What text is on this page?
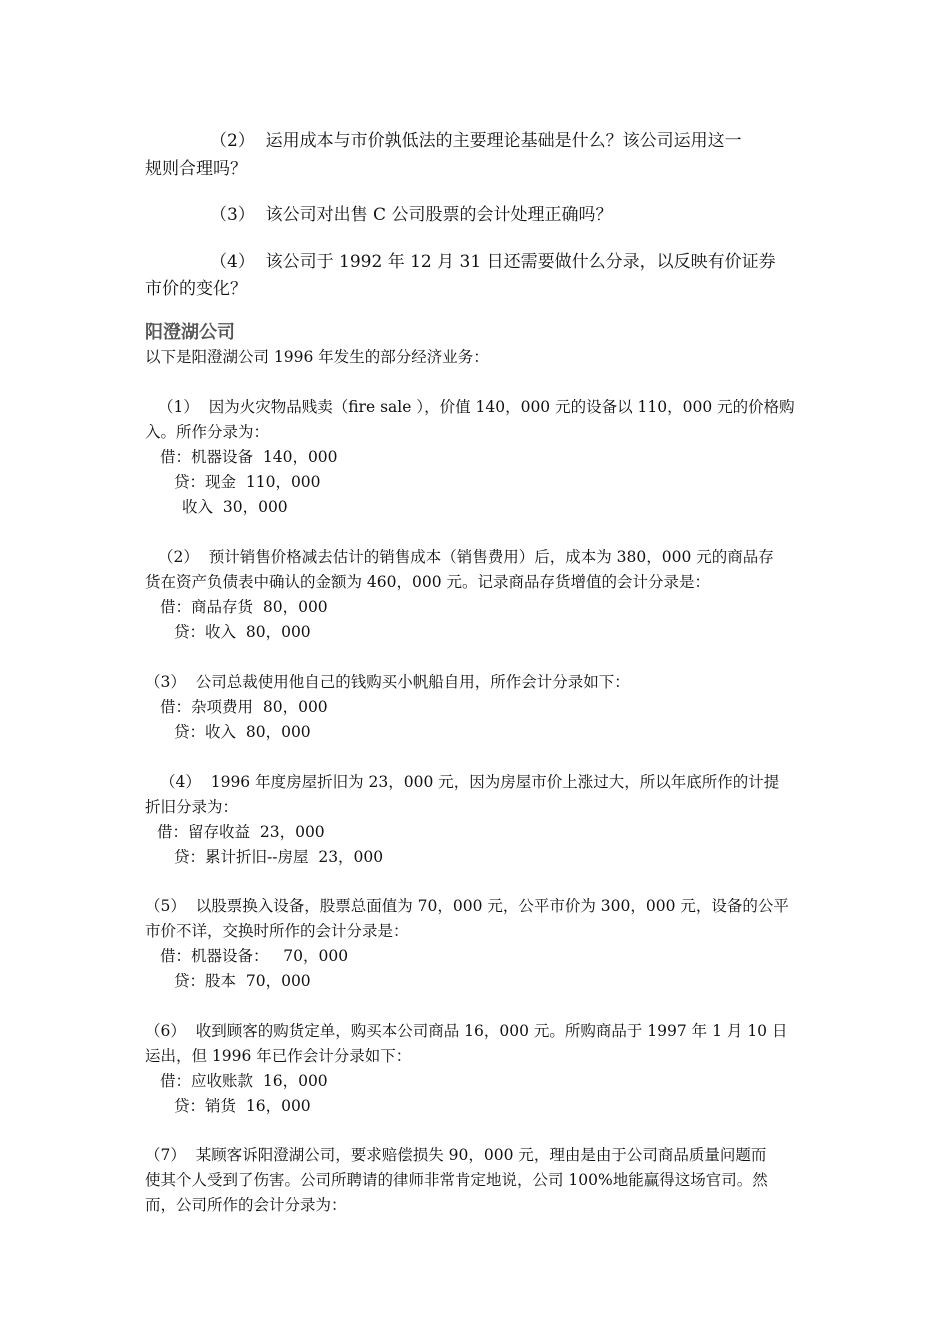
（2）  运用成本与市价孰低法的主要理论基础是什么？该公司运用这一
规则合理吗？
（3）  该公司对出售 C 公司股票的会计处理正确吗？
（4）  该公司于 1992 年 12 月 31 日还需要做什么分录，以反映有价证券
市价的变化？
阳澄湖公司
以下是阳澄湖公司 1996 年发生的部分经济业务：
（1）  因为火灾物品贱卖（fire sale ），价值 140，000 元的设备以 110，000 元的价格购
入。所作分录为：
借：机器设备  140，000
贷：现金  110，000
收入  30，000
（2）  预计销售价格减去估计的销售成本（销售费用）后，成本为 380，000 元的商品存
货在资产负债表中确认的金额为 460，000 元。记录商品存货增值的会计分录是：
借：商品存货  80，000
贷：收入  80，000
（3）  公司总裁使用他自己的钱购买小帆船自用，所作会计分录如下：
借：杂项费用  80，000
贷：收入  80，000
（4）  1996 年度房屋折旧为 23，000 元，因为房屋市价上涨过大，所以年底所作的计提
折旧分录为：
借：留存收益  23，000
贷：累计折旧--房屋  23，000
（5）  以股票换入设备，股票总面值为 70，000 元，公平市价为 300，000 元，设备的公平
市价不详，交换时所作的会计分录是：
借：机器设备：   70，000
贷：股本  70，000
（6）  收到顾客的购货定单，购买本公司商品 16，000 元。所购商品于 1997 年 1 月 10 日
运出，但 1996 年已作会计分录如下：
借：应收账款  16，000
贷：销货  16，000
（7）  某顾客诉阳澄湖公司，要求赔偿损失 90，000 元，理由是由于公司商品质量问题而
使其个人受到了伤害。公司所聘请的律师非常肯定地说，公司 100%地能赢得这场官司。然
而，公司所作的会计分录为：
